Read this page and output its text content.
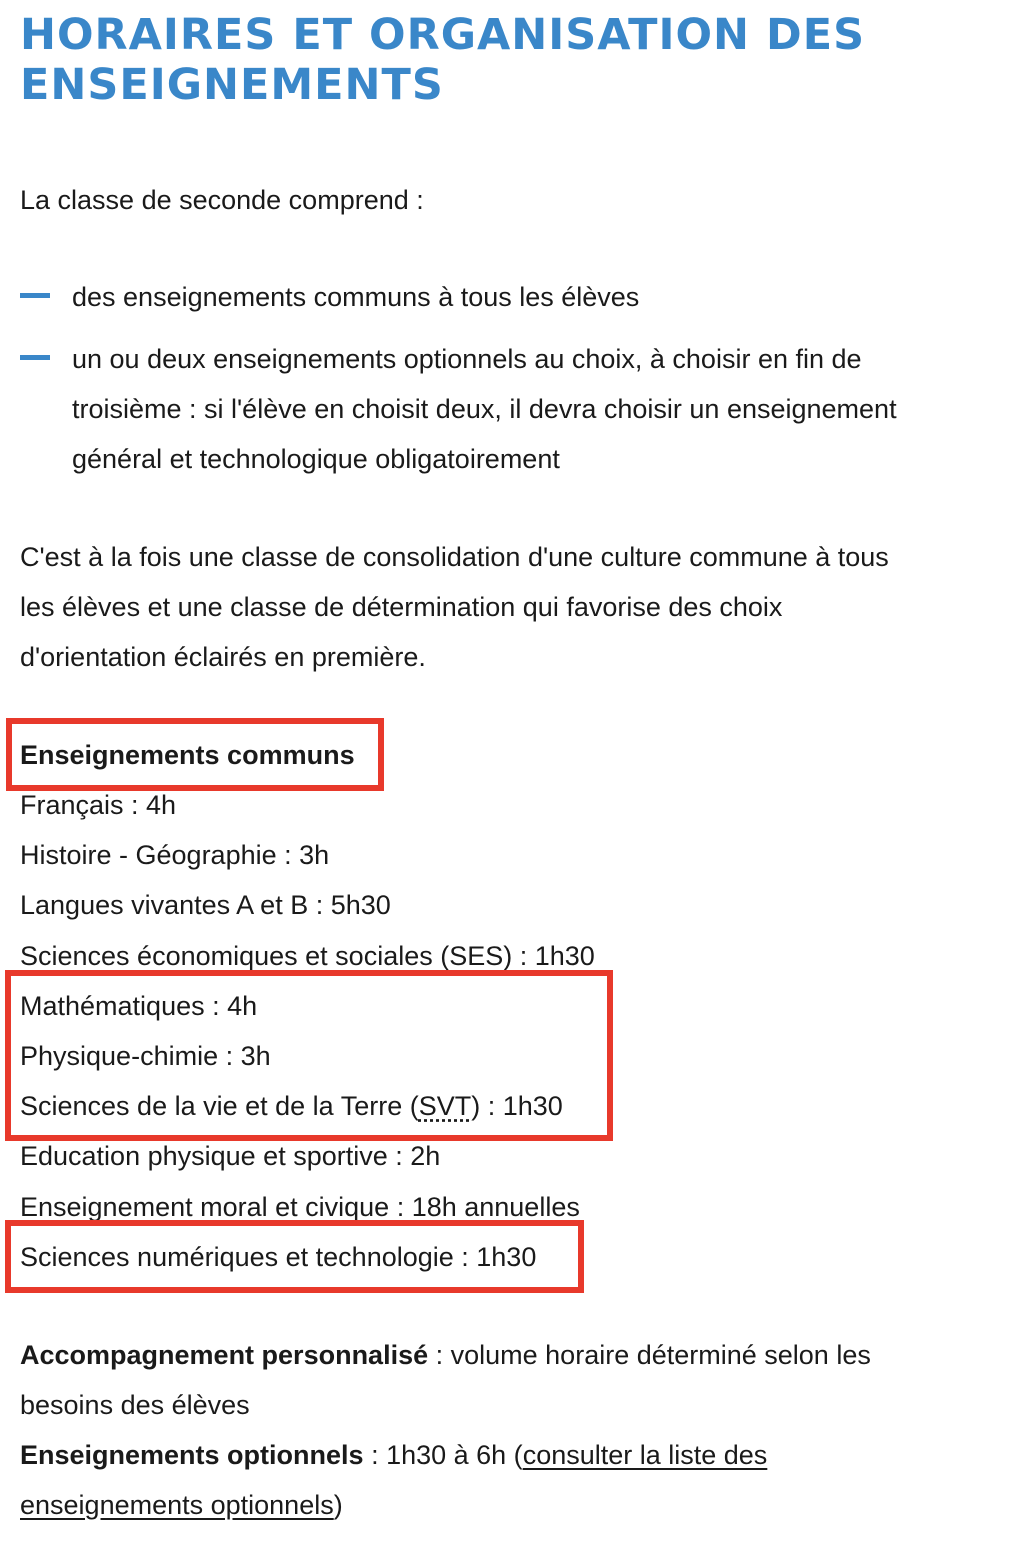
HORAIRES ET ORGANISATION DES ENSEIGNEMENTS

La classe de seconde comprend :

des enseignements communs à tous les élèves
un ou deux enseignements optionnels au choix, à choisir en fin de troisième : si l'élève en choisit deux, il devra choisir un enseignement général et technologique obligatoirement

C'est à la fois une classe de consolidation d'une culture commune à tous les élèves et une classe de détermination qui favorise des choix d'orientation éclairés en première.

Enseignements communs

Français : 4h
Histoire - Géographie : 3h
Langues vivantes A et B : 5h30
Sciences économiques et sociales (SES) : 1h30
Mathématiques : 4h
Physique-chimie : 3h
Sciences de la vie et de la Terre (SVT) : 1h30
Education physique et sportive : 2h
Enseignement moral et civique : 18h annuelles
Sciences numériques et technologie : 1h30

Accompagnement personnalisé : volume horaire déterminé selon les besoins des élèves

Enseignements optionnels : 1h30 à 6h (consulter la liste des enseignements optionnels)
